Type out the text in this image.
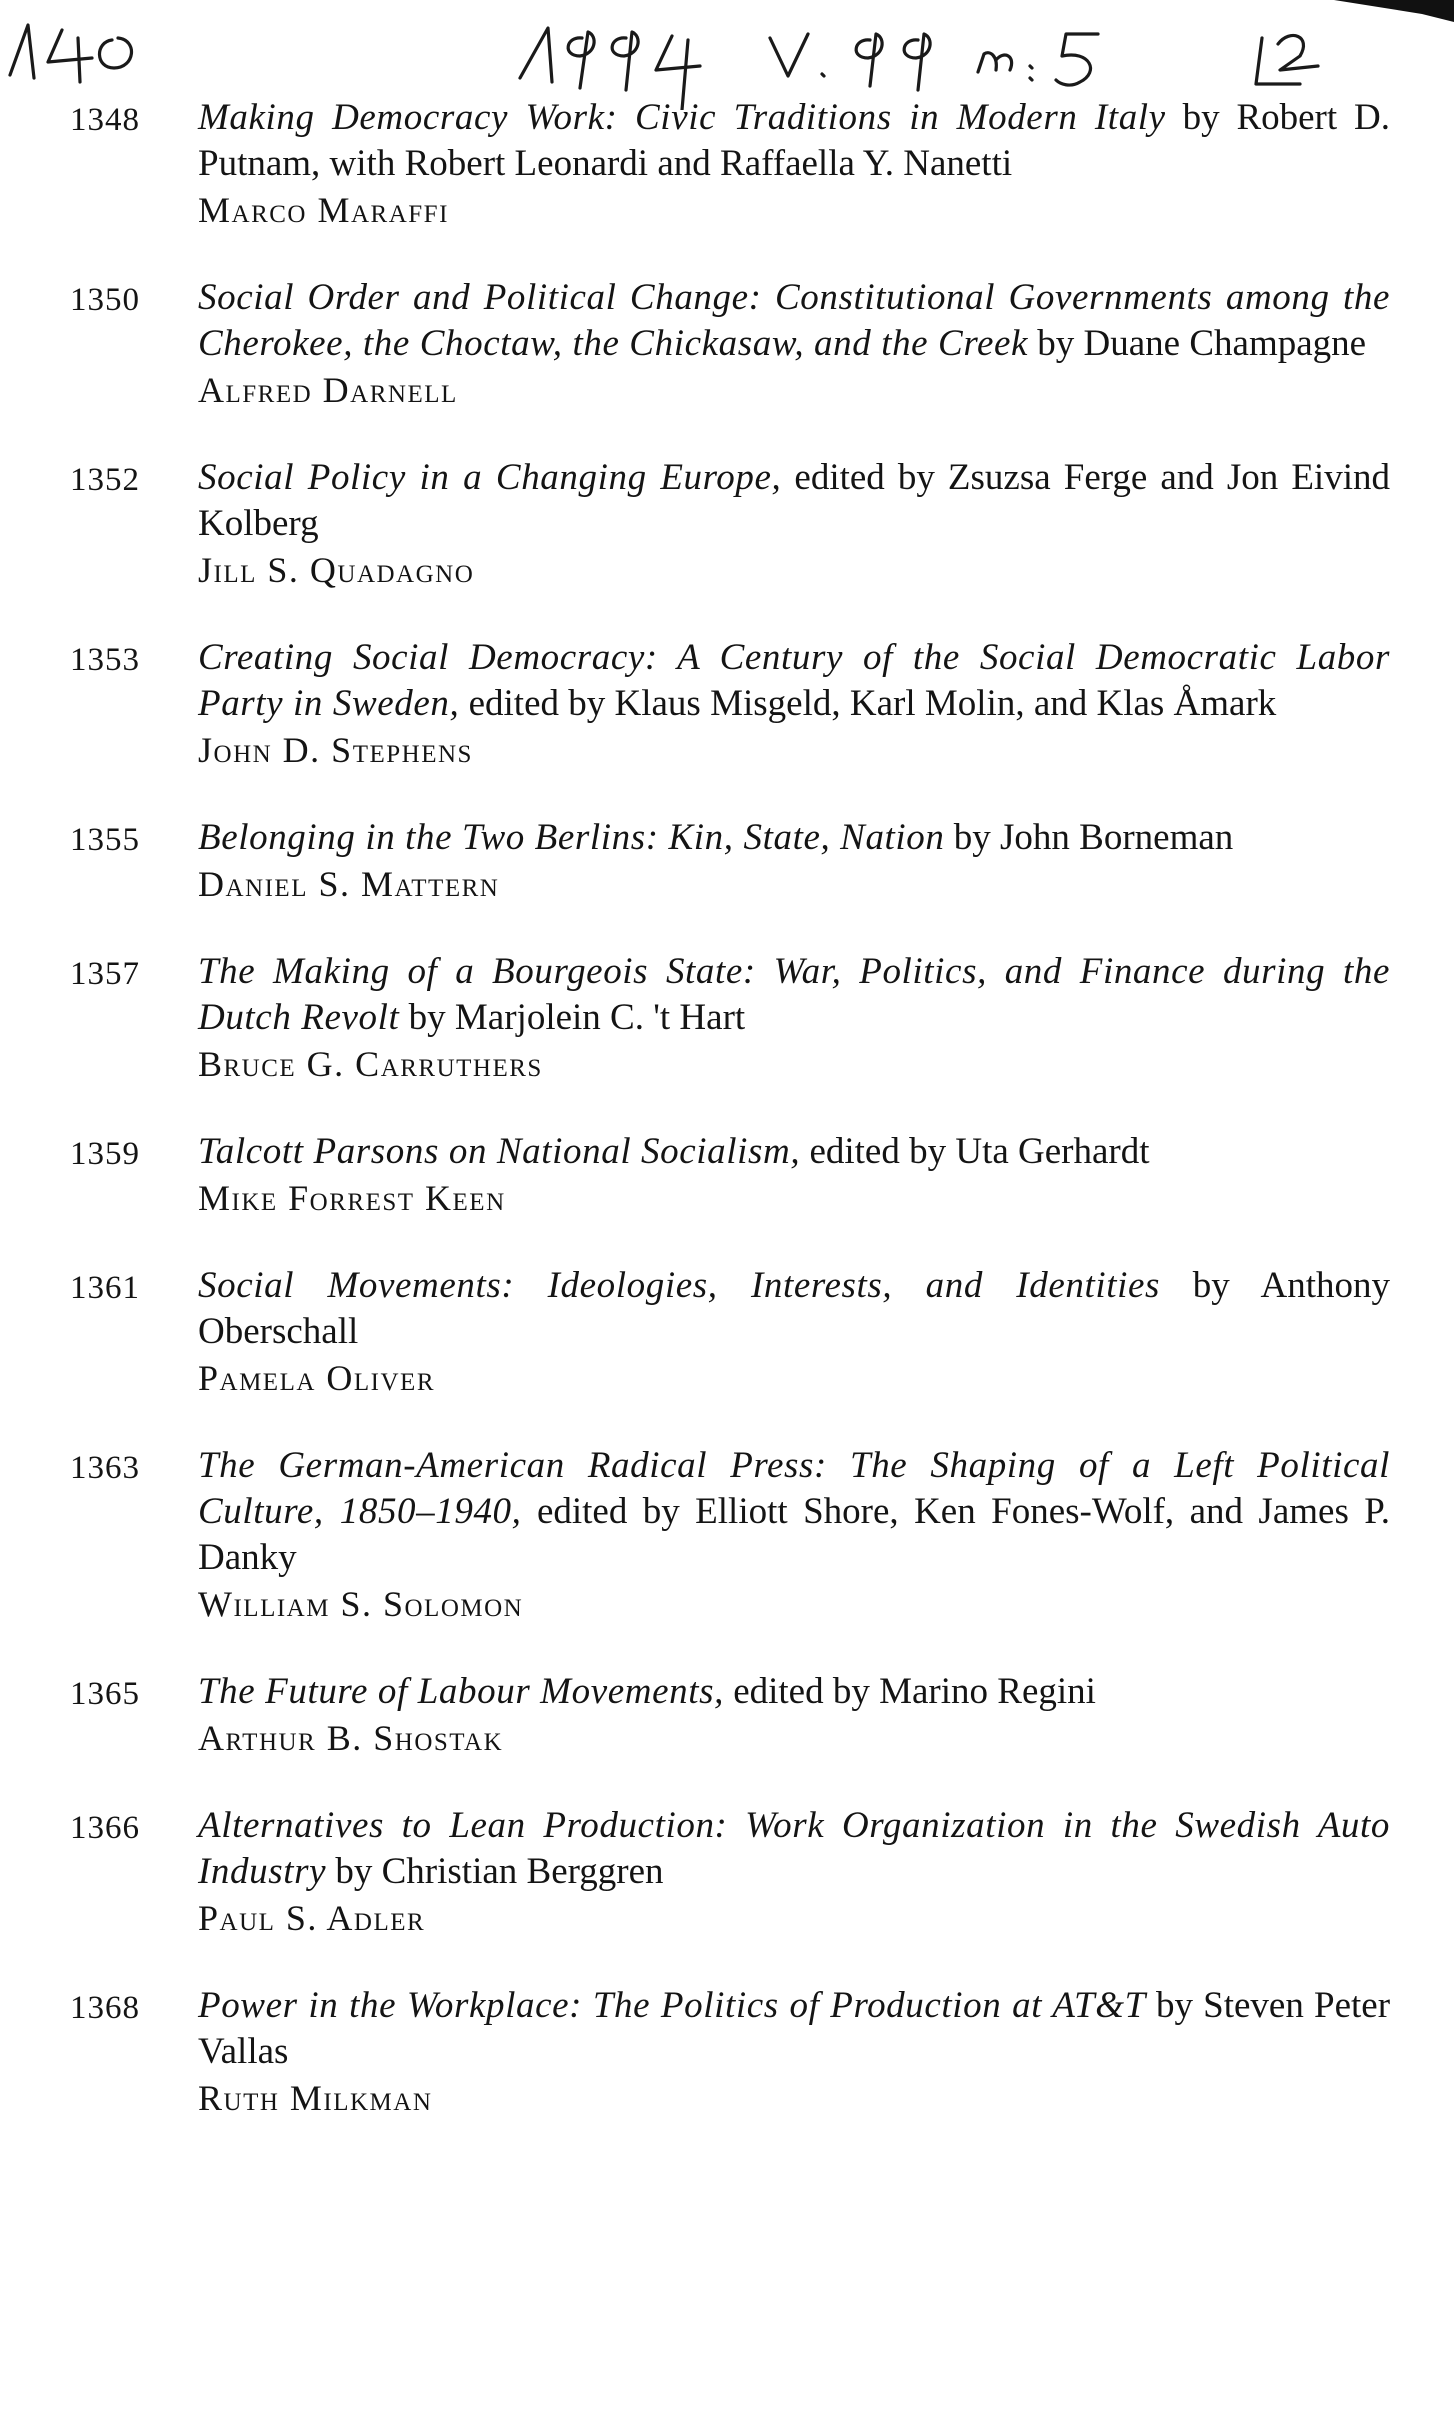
1348 Making Democracy Work: Civic Traditions in Modern Italy by Robert D. Putnam, with Robert Leonardi and Raffaella Y. Nanetti
Marco Maraffi
1350 Social Order and Political Change: Constitutional Governments among the Cherokee, the Choctaw, the Chickasaw, and the Creek by Duane Champagne
Alfred Darnell
1352 Social Policy in a Changing Europe, edited by Zsuzsa Ferge and Jon Eivind Kolberg
Jill S. Quadagno
1353 Creating Social Democracy: A Century of the Social Democratic Labor Party in Sweden, edited by Klaus Misgeld, Karl Molin, and Klas Åmark
John D. Stephens
1355 Belonging in the Two Berlins: Kin, State, Nation by John Borneman
Daniel S. Mattern
1357 The Making of a Bourgeois State: War, Politics, and Finance during the Dutch Revolt by Marjolein C. 't Hart
Bruce G. Carruthers
1359 Talcott Parsons on National Socialism, edited by Uta Gerhardt
Mike Forrest Keen
1361 Social Movements: Ideologies, Interests, and Identities by Anthony Oberschall
Pamela Oliver
1363 The German-American Radical Press: The Shaping of a Left Political Culture, 1850–1940, edited by Elliott Shore, Ken Fones-Wolf, and James P. Danky
William S. Solomon
1365 The Future of Labour Movements, edited by Marino Regini
Arthur B. Shostak
1366 Alternatives to Lean Production: Work Organization in the Swedish Auto Industry by Christian Berggren
Paul S. Adler
1368 Power in the Workplace: The Politics of Production at AT&T by Steven Peter Vallas
Ruth Milkman
